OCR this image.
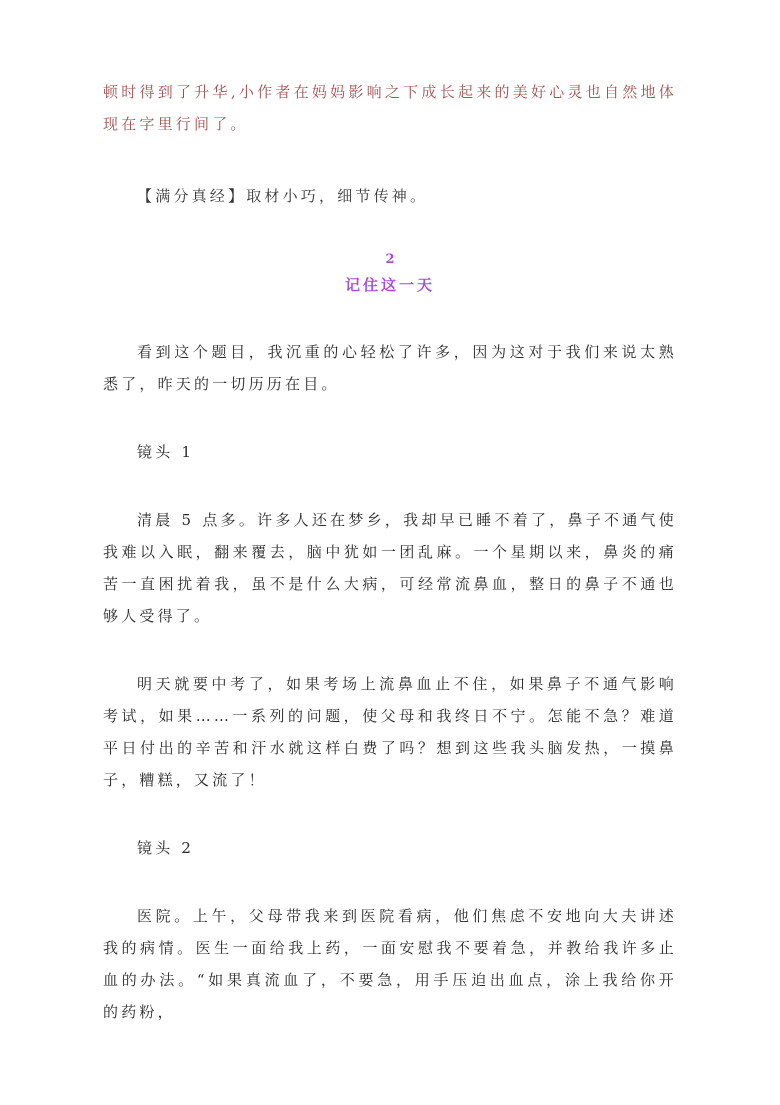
顿时得到了升华,小作者在妈妈影响之下成长起来的美好心灵也自然地体现在字里行间了。

【满分真经】取材小巧，细节传神。

2

记住这一天

看到这个题目，我沉重的心轻松了许多，因为这对于我们来说太熟悉了，昨天的一切历历在目。

镜头 1

清晨 5 点多。许多人还在梦乡，我却早已睡不着了，鼻子不通气使我难以入眠，翻来覆去，脑中犹如一团乱麻。一个星期以来，鼻炎的痛苦一直困扰着我，虽不是什么大病，可经常流鼻血，整日的鼻子不通也够人受得了。

明天就要中考了，如果考场上流鼻血止不住，如果鼻子不通气影响考试，如果……一系列的问题，使父母和我终日不宁。怎能不急？难道平日付出的辛苦和汗水就这样白费了吗？想到这些我头脑发热，一摸鼻子，糟糕，又流了！

镜头 2

医院。上午，父母带我来到医院看病，他们焦虑不安地向大夫讲述我的病情。医生一面给我上药，一面安慰我不要着急，并教给我许多止血的办法。“如果真流血了，不要急，用手压迫出血点，涂上我给你开的药粉，
